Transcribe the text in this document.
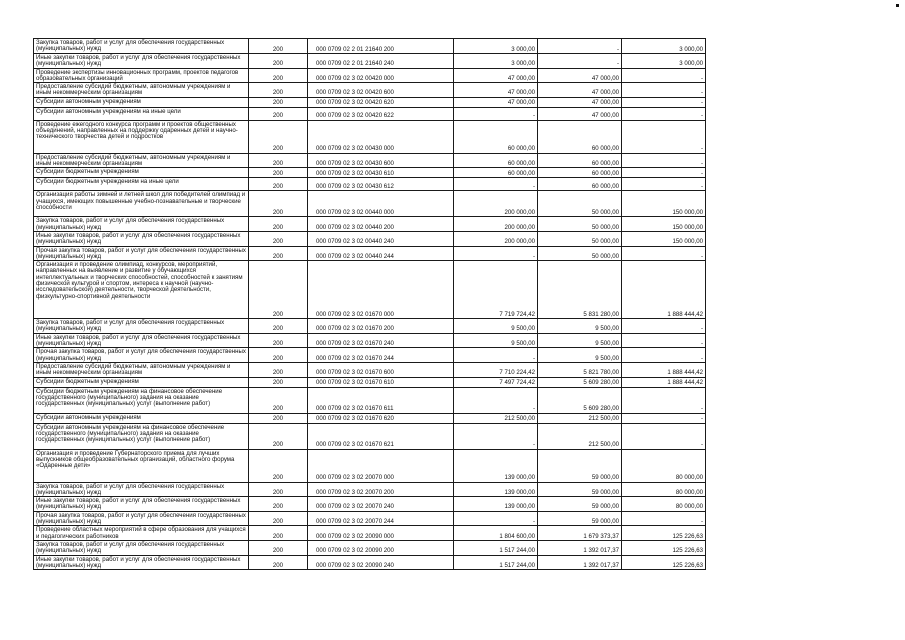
Закупка товаров, работ и услуг для обеспечения государственных (муниципальных) нужд	200	000 0709 02 2 01 21640 200	3 000,00	-	3 000,00
Иные закупки товаров, работ и услуг для обеспечения государственных (муниципальных) нужд	200	000 0709 02 2 01 21640 240	3 000,00	-	3 000,00
Проведение экспертизы инновационных программ, проектов педагогов образовательных организаций	200	000 0709 02 3 02 00420 000	47 000,00	47 000,00	-
Предоставление субсидий бюджетным, автономным учреждениям и иным некоммерческим организациям	200	000 0709 02 3 02 00420 600	47 000,00	47 000,00	-
Субсидии автономным учреждениям	200	000 0709 02 3 02 00420 620	47 000,00	47 000,00	-
Субсидии автономным учреждениям на иные цели	200	000 0709 02 3 02 00420 622	-	47 000,00	-
Проведение ежегодного конкурса программ и проектов общественных объединений, направленных на поддержку одаренных детей и научно-технического творчества детей и подростков	200	000 0709 02 3 02 00430 000	60 000,00	60 000,00	-
Предоставление субсидий бюджетным, автономным учреждениям и иным некоммерческим организациям	200	000 0709 02 3 02 00430 600	60 000,00	60 000,00	-
Субсидии бюджетным учреждениям	200	000 0709 02 3 02 00430 610	60 000,00	60 000,00	-
Субсидии бюджетным учреждениям на иные цели	200	000 0709 02 3 02 00430 612	-	60 000,00	-
Организация работы зимней и летней школ для победителей олимпиад и учащихся, имеющих повышенные учебно-познавательные и творческие способности	200	000 0709 02 3 02 00440 000	200 000,00	50 000,00	150 000,00
Закупка товаров, работ и услуг для обеспечения государственных (муниципальных) нужд	200	000 0709 02 3 02 00440 200	200 000,00	50 000,00	150 000,00
Иные закупки товаров, работ и услуг для обеспечения государственных (муниципальных) нужд	200	000 0709 02 3 02 00440 240	200 000,00	50 000,00	150 000,00
Прочая закупка товаров, работ и услуг для обеспечения государственных (муниципальных) нужд	200	000 0709 02 3 02 00440 244	-	50 000,00	-
Организация и проведение олимпиад, конкурсов, мероприятий, направленных на выявление и развитие у обучающихся интеллектуальных и творческих способностей, способностей к занятиям физической культурой и спортом, интереса к научной (научно-исследовательской) деятельности, творческой деятельности, физкультурно-спортивной деятельности	200	000 0709 02 3 02 01670 000	7 719 724,42	5 831 280,00	1 888 444,42
Закупка товаров, работ и услуг для обеспечения государственных (муниципальных) нужд	200	000 0709 02 3 02 01670 200	9 500,00	9 500,00	-
Иные закупки товаров, работ и услуг для обеспечения государственных (муниципальных) нужд	200	000 0709 02 3 02 01670 240	9 500,00	9 500,00	-
Прочая закупка товаров, работ и услуг для обеспечения государственных (муниципальных) нужд	200	000 0709 02 3 02 01670 244	-	9 500,00	-
Предоставление субсидий бюджетным, автономным учреждениям и иным некоммерческим организациям	200	000 0709 02 3 02 01670 600	7 710 224,42	5 821 780,00	1 888 444,42
Субсидии бюджетным учреждениям	200	000 0709 02 3 02 01670 610	7 497 724,42	5 609 280,00	1 888 444,42
Субсидии бюджетным учреждениям на финансовое обеспечение государственного (муниципального) задания на оказание государственных (муниципальных) услуг (выполнение работ)	200	000 0709 02 3 02 01670 611	-	5 609 280,00	-
Субсидии автономным учреждениям	200	000 0709 02 3 02 01670 620	212 500,00	212 500,00	-
Субсидии автономным учреждениям на финансовое обеспечение государственного (муниципального) задания на оказание государственных (муниципальных) услуг (выполнение работ)	200	000 0709 02 3 02 01670 621	-	212 500,00	-
Организация и проведение Губернаторского приема для лучших выпускников общеобразовательных организаций, областного форума «Одаренные дети»	200	000 0709 02 3 02 20070 000	139 000,00	59 000,00	80 000,00
Закупка товаров, работ и услуг для обеспечения государственных (муниципальных) нужд	200	000 0709 02 3 02 20070 200	139 000,00	59 000,00	80 000,00
Иные закупки товаров, работ и услуг для обеспечения государственных (муниципальных) нужд	200	000 0709 02 3 02 20070 240	139 000,00	59 000,00	80 000,00
Прочая закупка товаров, работ и услуг для обеспечения государственных (муниципальных) нужд	200	000 0709 02 3 02 20070 244	-	59 000,00	-
Проведение областных мероприятий в сфере образования для учащихся и педагогических работников	200	000 0709 02 3 02 20090 000	1 804 600,00	1 679 373,37	125 226,63
Закупка товаров, работ и услуг для обеспечения государственных (муниципальных) нужд	200	000 0709 02 3 02 20090 200	1 517 244,00	1 392 017,37	125 226,63
Иные закупки товаров, работ и услуг для обеспечения государственных (муниципальных) нужд	200	000 0709 02 3 02 20090 240	1 517 244,00	1 392 017,37	125 226,63
